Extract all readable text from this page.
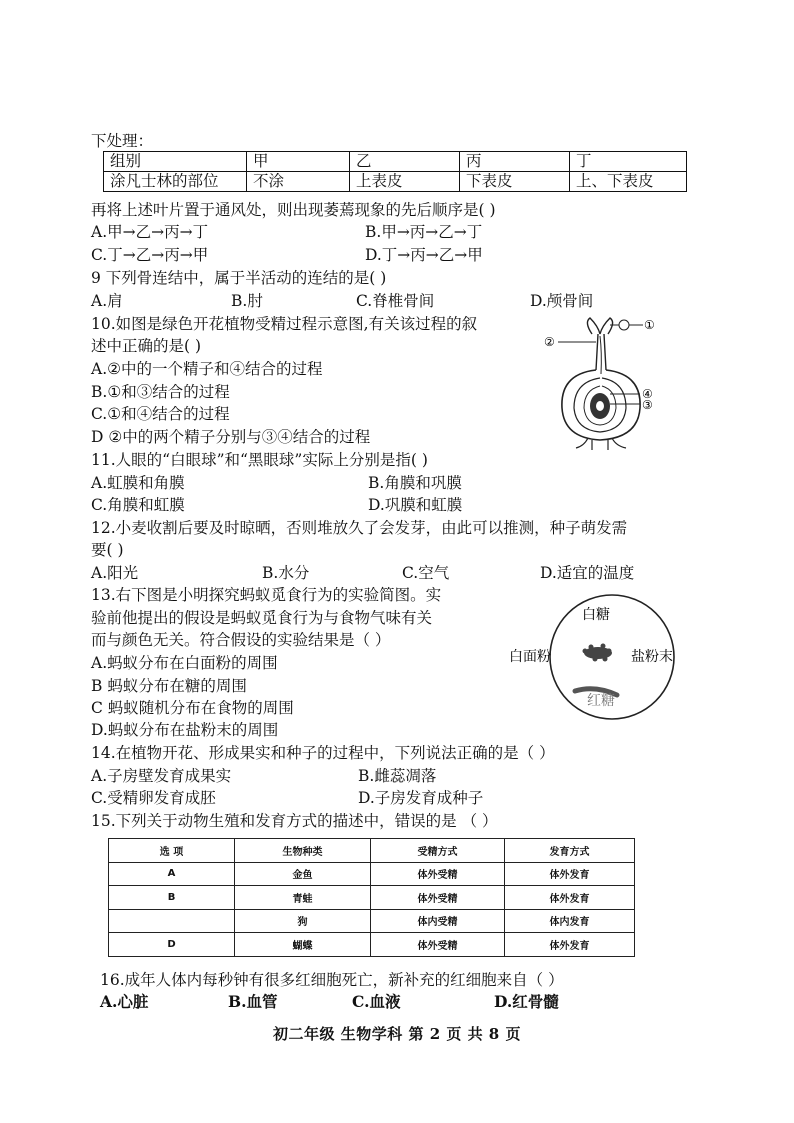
下处理：
组别	甲	乙	丙	丁
涂凡士林的部位	不涂	上表皮	下表皮	上、下表皮
再将上述叶片置于通风处，则出现萎蔫现象的先后顺序是( )
A.甲→乙→丙→丁	B.甲→丙→乙→丁
C.丁→乙→丙→甲	D.丁→丙→乙→甲
9 下列骨连结中，属于半活动的连结的是( )
A.肩	B.肘	C.脊椎骨间	D.颅骨间
10.如图是绿色开花植物受精过程示意图,有关该过程的叙
述中正确的是( )
A.②中的一个精子和④结合的过程
B.①和③结合的过程
C.①和④结合的过程
D ②中的两个精子分别与③④结合的过程
①
②
④
③
11.人眼的“白眼球”和“黑眼球”实际上分别是指( )
A.虹膜和角膜	B.角膜和巩膜
C.角膜和虹膜	D.巩膜和虹膜
12.小麦收割后要及时晾晒，否则堆放久了会发芽，由此可以推测，种子萌发需
要( )
A.阳光	B.水分	C.空气	D.适宜的温度
13.右下图是小明探究蚂蚁觅食行为的实验简图。实
验前他提出的假设是蚂蚁觅食行为与食物气味有关
而与颜色无关。符合假设的实验结果是（ ）
A.蚂蚁分布在白面粉的周围
B 蚂蚁分布在糖的周围
C 蚂蚁随机分布在食物的周围
D.蚂蚁分布在盐粉末的周围
白糖
白面粉	盐粉末
红糖
14.在植物开花、形成果实和种子的过程中，下列说法正确的是（ ）
A.子房壁发育成果实	B.雌蕊凋落
C.受精卵发育成胚	D.子房发育成种子
15.下列关于动物生殖和发育方式的描述中，错误的是 （ ）
选 项	生物种类	受精方式	发育方式
A	金鱼	体外受精	体外发育
B	青蛙	体外受精	体外发育
	狗	体内受精	体内发育
D	蝴蝶	体外受精	体外发育
16.成年人体内每秒钟有很多红细胞死亡，新补充的红细胞来自（ ）
A.心脏	B.血管	C.血液	D.红骨髓
初二年级 生物学科 第 2 页 共 8 页
